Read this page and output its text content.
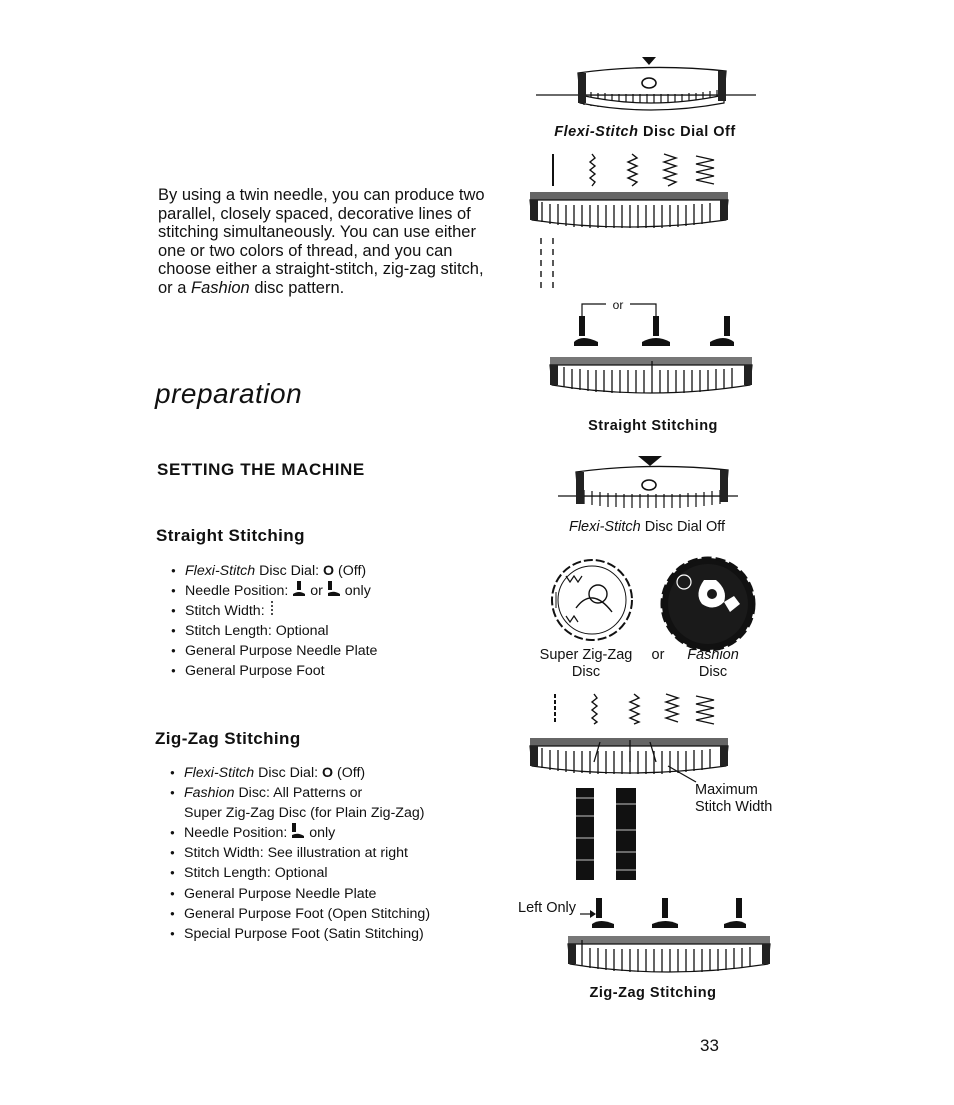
By using a twin needle, you can produce two parallel, closely spaced, decorative lines of stitching simultaneously. You can use either one or two colors of thread, and you can choose either a straight-stitch, zig-zag stitch, or a Fashion disc pattern.

preparation
SETTING THE MACHINE
Straight Stitching
● Flexi-Stitch Disc Dial: O (Off)
● Needle Position: or only
● Stitch Width:
● Stitch Length: Optional
● General Purpose Needle Plate
● General Purpose Foot
Zig-Zag Stitching
● Flexi-Stitch Disc Dial: O (Off)
● Fashion Disc: All Patterns or
Super Zig-Zag Disc (for Plain Zig-Zag)
● Needle Position: only
● Stitch Width: See illustration at right
● Stitch Length: Optional
● General Purpose Needle Plate
● General Purpose Foot (Open Stitching)
● Special Purpose Foot (Satin Stitching)
Flexi-Stitch Disc Dial Off
or
Straight Stitching
Flexi-Stitch Disc Dial Off
Super Zig-Zag
Disc
or	Fashion
Disc
Maximum
Stitch Width
Left Only
Zig-Zag Stitching
33
